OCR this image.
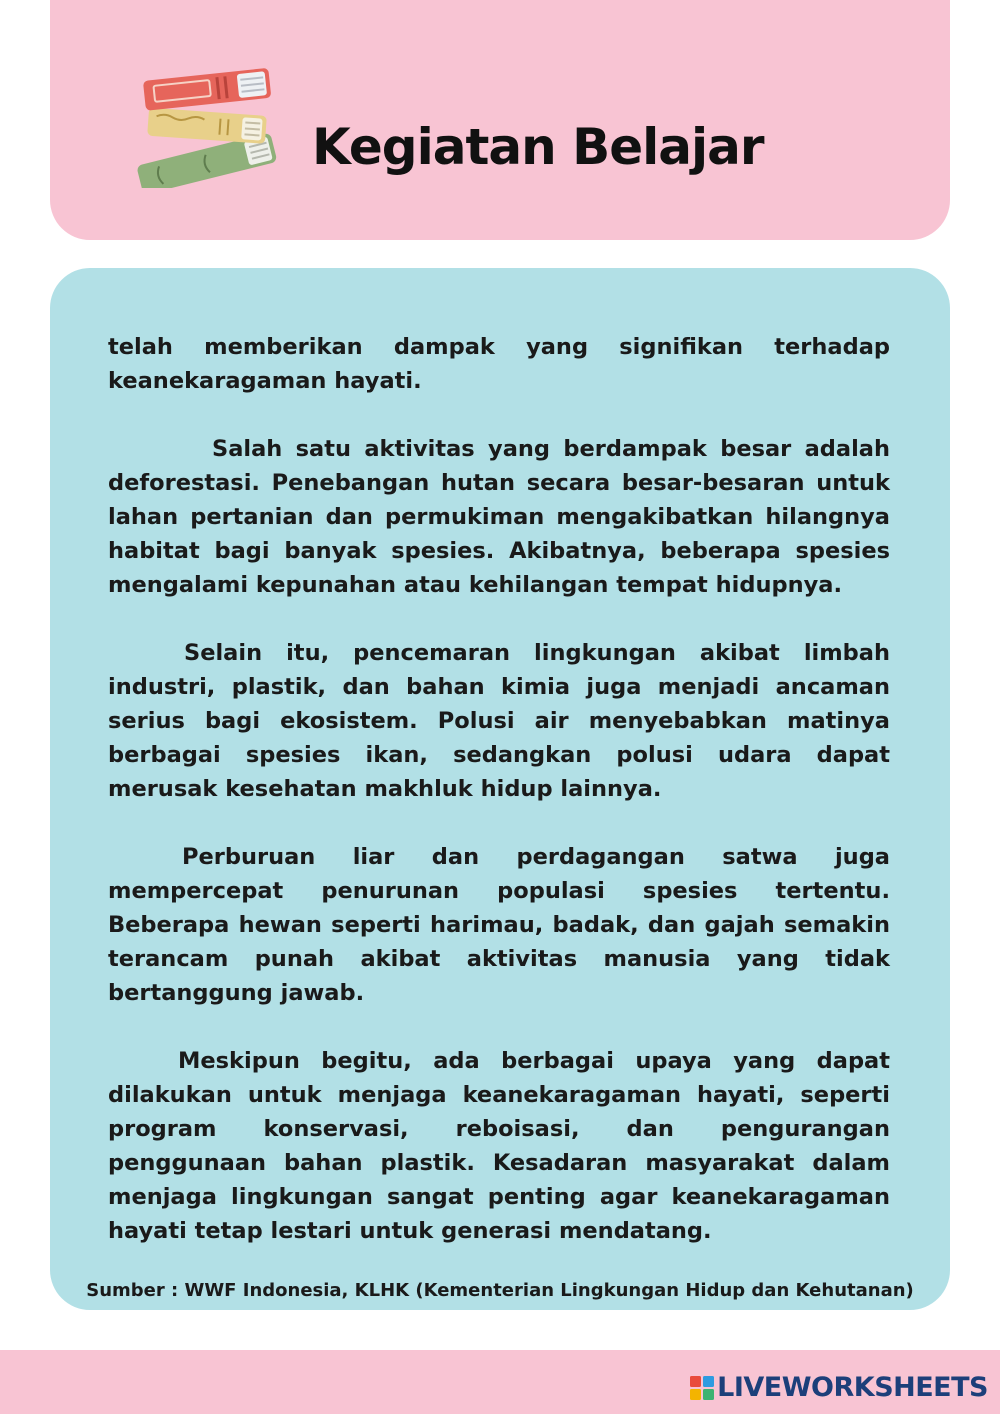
Kegiatan Belajar

telah memberikan dampak yang signifikan terhadap keanekaragaman hayati.

Salah satu aktivitas yang berdampak besar adalah deforestasi. Penebangan hutan secara besar-besaran untuk lahan pertanian dan permukiman mengakibatkan hilangnya habitat bagi banyak spesies. Akibatnya, beberapa spesies mengalami kepunahan atau kehilangan tempat hidupnya.

Selain itu, pencemaran lingkungan akibat limbah industri, plastik, dan bahan kimia juga menjadi ancaman serius bagi ekosistem. Polusi air menyebabkan matinya berbagai spesies ikan, sedangkan polusi udara dapat merusak kesehatan makhluk hidup lainnya.

Perburuan liar dan perdagangan satwa juga mempercepat penurunan populasi spesies tertentu. Beberapa hewan seperti harimau, badak, dan gajah semakin terancam punah akibat aktivitas manusia yang tidak bertanggung jawab.

Meskipun begitu, ada berbagai upaya yang dapat dilakukan untuk menjaga keanekaragaman hayati, seperti program konservasi, reboisasi, dan pengurangan penggunaan bahan plastik. Kesadaran masyarakat dalam menjaga lingkungan sangat penting agar keanekaragaman hayati tetap lestari untuk generasi mendatang.

Sumber : WWF Indonesia, KLHK (Kementerian Lingkungan Hidup dan Kehutanan)
LIVEWORKSHEETS
